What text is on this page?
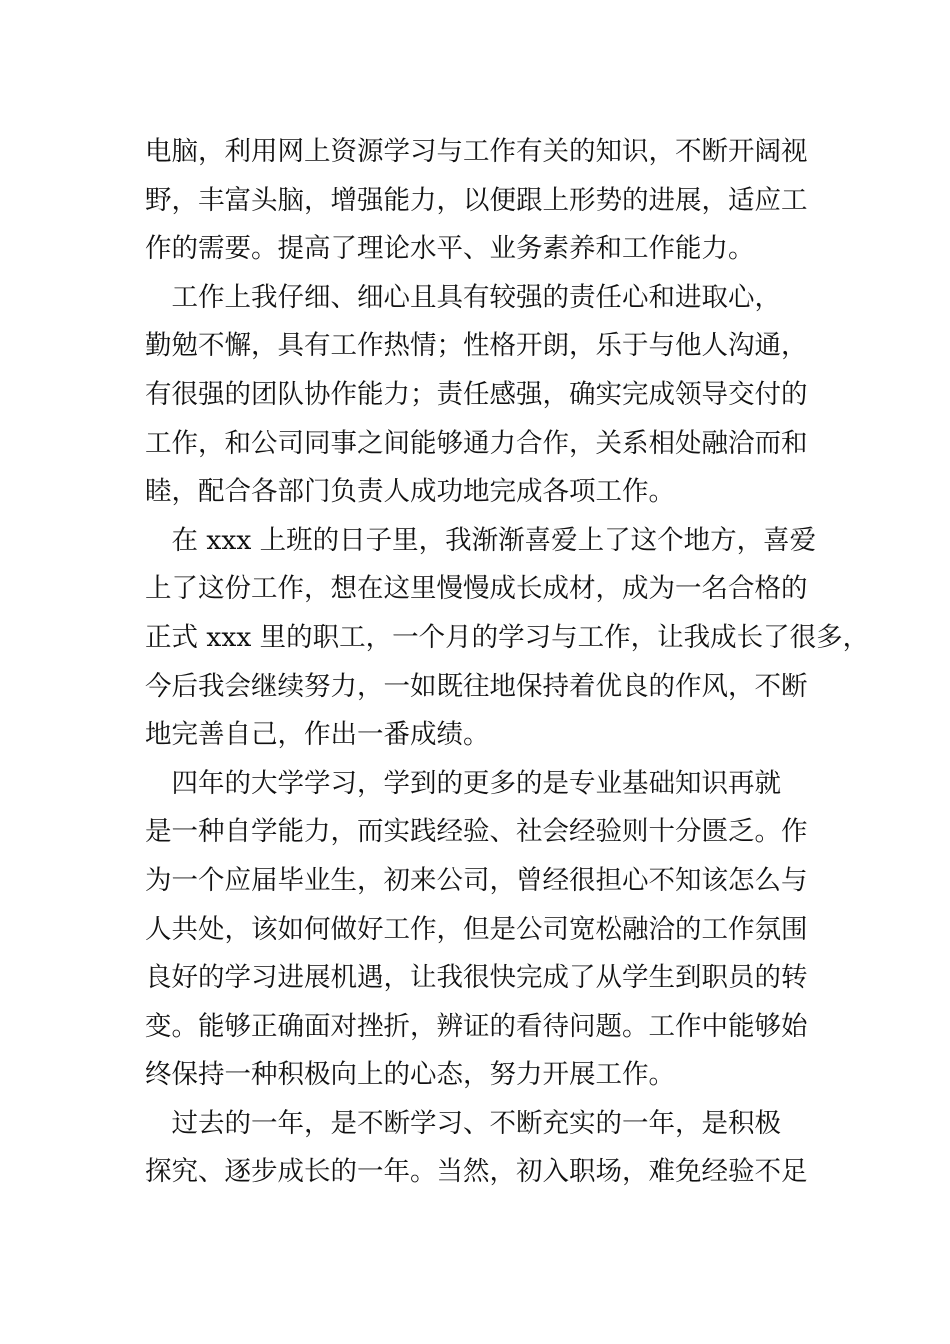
电脑，利用网上资源学习与工作有关的知识，不断开阔视
野，丰富头脑，增强能力，以便跟上形势的进展，适应工
作的需要。提高了理论水平、业务素养和工作能力。
　工作上我仔细、细心且具有较强的责任心和进取心，
勤勉不懈，具有工作热情；性格开朗，乐于与他人沟通，
有很强的团队协作能力；责任感强，确实完成领导交付的
工作，和公司同事之间能够通力合作，关系相处融洽而和
睦，配合各部门负责人成功地完成各项工作。
　在 xxx 上班的日子里，我渐渐喜爱上了这个地方，喜爱
上了这份工作，想在这里慢慢成长成材，成为一名合格的
正式 xxx 里的职工，一个月的学习与工作，让我成长了很多，
今后我会继续努力，一如既往地保持着优良的作风，不断
地完善自己，作出一番成绩。
　四年的大学学习，学到的更多的是专业基础知识再就
是一种自学能力，而实践经验、社会经验则十分匮乏。作
为一个应届毕业生，初来公司，曾经很担心不知该怎么与
人共处，该如何做好工作，但是公司宽松融洽的工作氛围
良好的学习进展机遇，让我很快完成了从学生到职员的转
变。能够正确面对挫折，辨证的看待问题。工作中能够始
终保持一种积极向上的心态，努力开展工作。
　过去的一年，是不断学习、不断充实的一年，是积极
探究、逐步成长的一年。当然，初入职场，难免经验不足
